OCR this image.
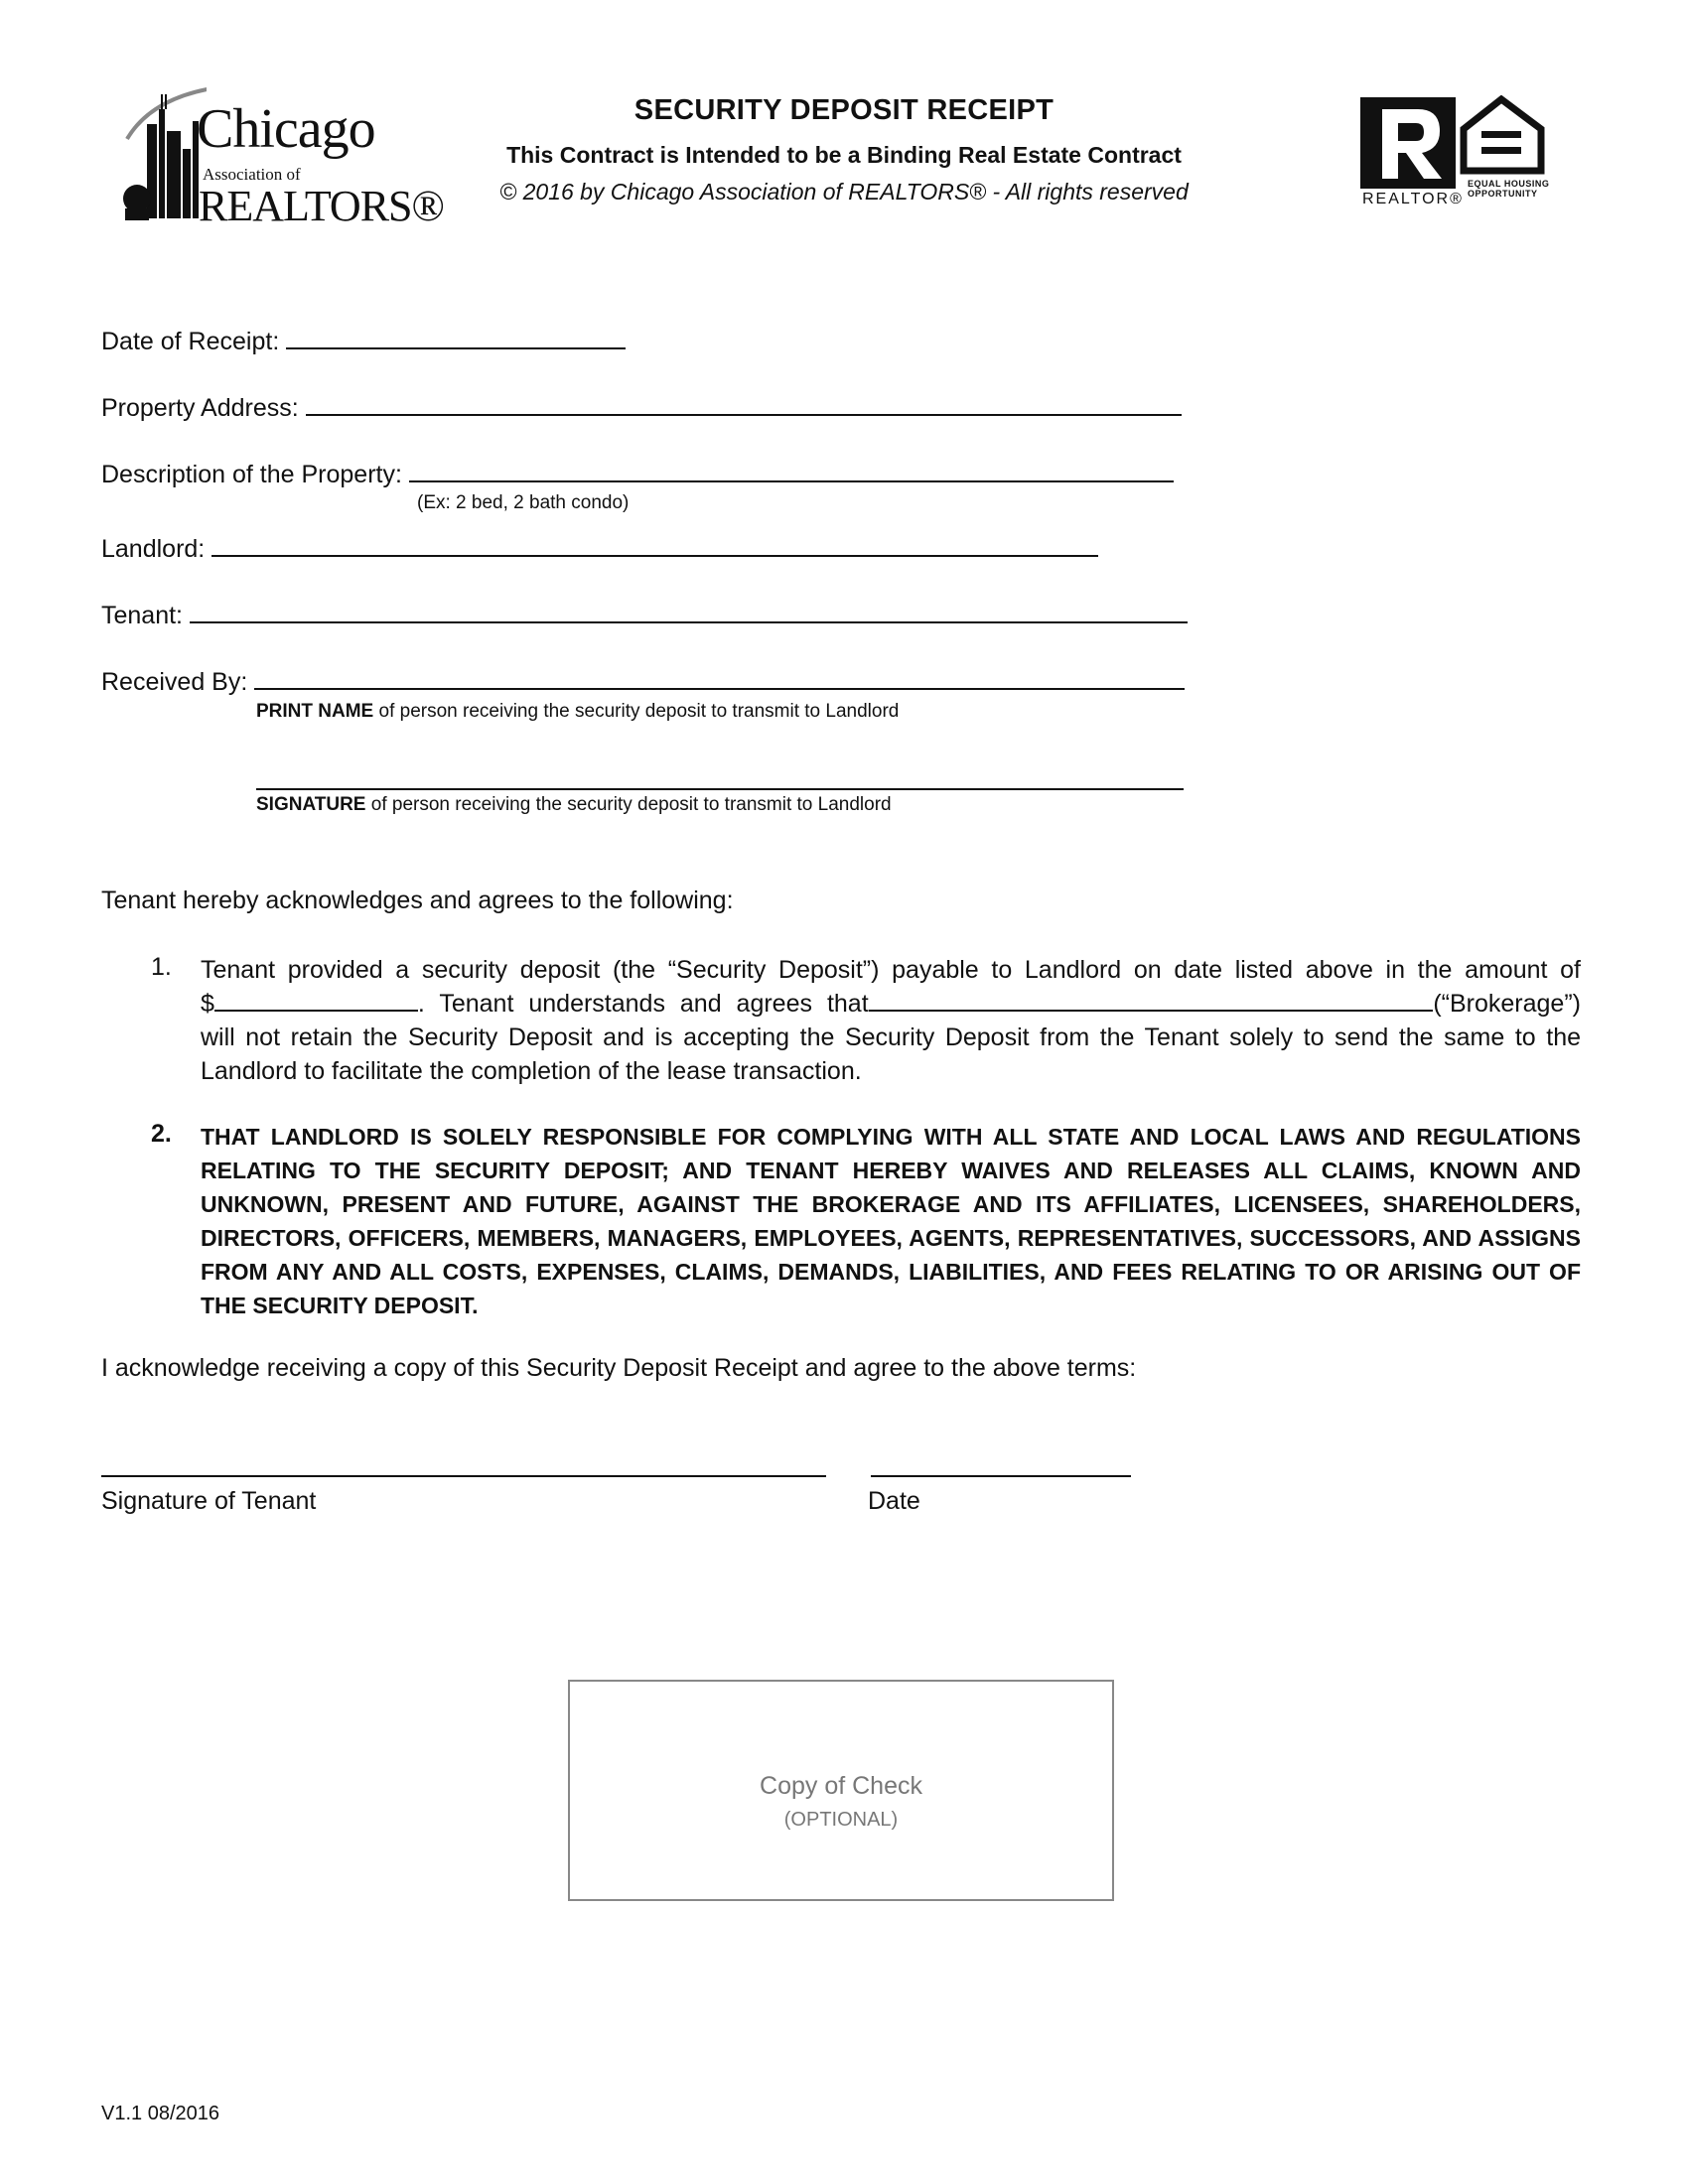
Chicago
Association of
REALTORS®
SECURITY DEPOSIT RECEIPT
This Contract is Intended to be a Binding Real Estate Contract
© 2016 by Chicago Association of REALTORS® - All rights reserved	REALTOR®
EQUAL HOUSING
OPPORTUNITY
Date of Receipt:
Property Address:
Description of the Property:
(Ex: 2 bed, 2 bath condo)
Landlord:
Tenant:
Received By:
PRINT NAME of person receiving the security deposit to transmit to Landlord
SIGNATURE of person receiving the security deposit to transmit to Landlord
Tenant hereby acknowledges and agrees to the following:
1. Tenant provided a security deposit (the “Security Deposit”) payable to Landlord on date listed above in the amount of
$	. Tenant understands and agrees that	(“Brokerage”)
will not retain the Security Deposit and is accepting the Security Deposit from the Tenant solely to send the same to the
Landlord to facilitate the completion of the lease transaction.
2. THAT LANDLORD IS SOLELY RESPONSIBLE FOR COMPLYING WITH ALL STATE AND LOCAL LAWS AND REGULATIONS RELATING TO THE SECURITY DEPOSIT; AND TENANT HEREBY WAIVES AND RELEASES ALL CLAIMS, KNOWN AND UNKNOWN, PRESENT AND FUTURE, AGAINST THE BROKERAGE AND ITS AFFILIATES, LICENSEES, SHAREHOLDERS, DIRECTORS, OFFICERS, MEMBERS, MANAGERS, EMPLOYEES, AGENTS, REPRESENTATIVES, SUCCESSORS, AND ASSIGNS FROM ANY AND ALL COSTS, EXPENSES, CLAIMS, DEMANDS, LIABILITIES, AND FEES RELATING TO OR ARISING OUT OF THE SECURITY DEPOSIT.
I acknowledge receiving a copy of this Security Deposit Receipt and agree to the above terms:
Signature of Tenant	Date
Copy of Check
(OPTIONAL)
V1.1 08/2016
